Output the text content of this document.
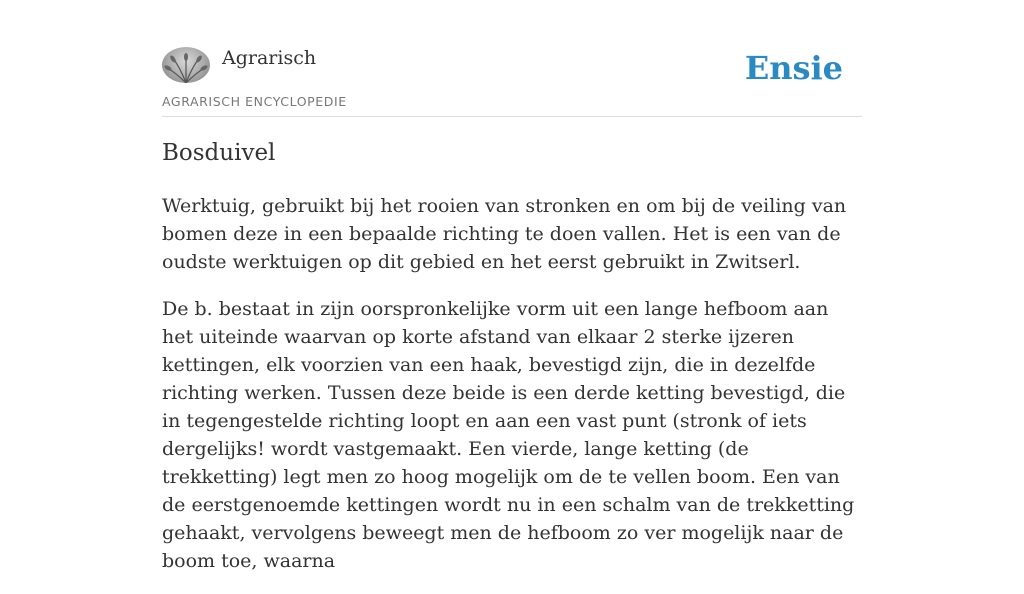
Agrarisch
AGRARISCH ENCYCLOPEDIE
Ensie
Bosduivel

Werktuig, gebruikt bij het rooien van stronken en om bij de veiling van bomen deze in een bepaalde richting te doen vallen. Het is een van de oudste werktuigen op dit gebied en het eerst gebruikt in Zwitserl.

De b. bestaat in zijn oorspronkelijke vorm uit een lange hefboom aan het uiteinde waarvan op korte afstand van elkaar 2 sterke ijzeren kettingen, elk voorzien van een haak, bevestigd zijn, die in dezelfde richting werken. Tussen deze beide is een derde ketting bevestigd, die in tegengestelde richting loopt en aan een vast punt (stronk of iets dergelijks! wordt vastgemaakt. Een vierde, lange ketting (de trekketting) legt men zo hoog mogelijk om de te vellen boom. Een van de eerstgenoemde kettingen wordt nu in een schalm van de trekketting gehaakt, vervolgens beweegt men de hefboom zo ver mogelijk naar de boom toe, waarna
